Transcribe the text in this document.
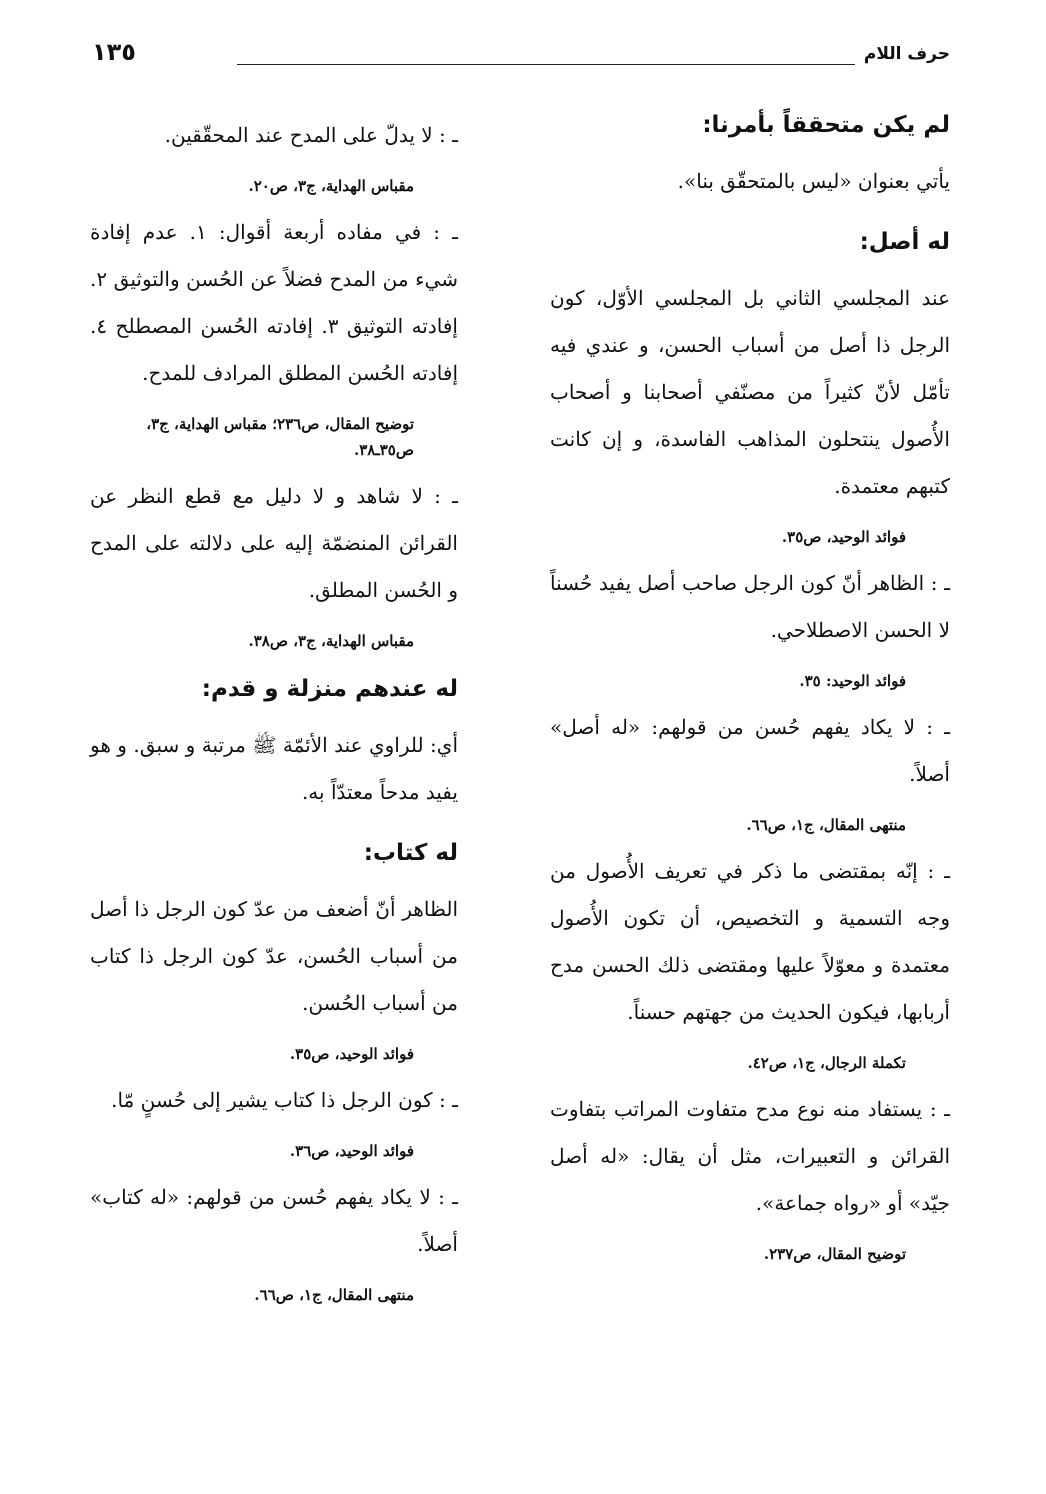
١٣٥	حرف اللام
لم يكن متحققاً بأمرنا:
يأتي بعنوان «ليس بالمتحقّق بنا».
له أصل:
عند المجلسي الثاني بل المجلسي الأوّل، كون الرجل ذا أصل من أسباب الحسن، و عندي فيه تأمّل لأنّ كثيراً من مصنّفي أصحابنا و أصحاب الأُصول ينتحلون المذاهب الفاسدة، و إن كانت كتبهم معتمدة.
فوائد الوحيد، ص٣٥.
ـ : الظاهر أنّ كون الرجل صاحب أصل يفيد حُسناً لا الحسن الاصطلاحي.
فوائد الوحيد: ٣٥.
ـ : لا يكاد يفهم حُسن من قولهم: «له أصل» أصلاً.
منتهى المقال، ج١، ص٦٦.
ـ : إنّه بمقتضى ما ذكر في تعريف الأُصول من وجه التسمية و التخصيص، أن تكون الأُصول معتمدة و معوّلاً عليها ومقتضى ذلك الحسن مدح أربابها، فيكون الحديث من جهتهم حسناً.
تكملة الرجال، ج١، ص٤٢.
ـ : يستفاد منه نوع مدح متفاوت المراتب بتفاوت القرائن و التعبيرات، مثل أن يقال: «له أصل جيّد» أو «رواه جماعة».
توضيح المقال، ص٢٣٧.
ـ : لا يدلّ على المدح عند المحقّقين.
مقباس الهداية، ج٣، ص٢٠.
ـ : في مفاده أربعة أقوال: ١. عدم إفادة شيء من المدح فضلاً عن الحُسن والتوثيق ٢. إفادته التوثيق ٣. إفادته الحُسن المصطلح ٤. إفادته الحُسن المطلق المرادف للمدح.
توضيح المقال، ص٢٣٦؛ مقباس الهداية، ج٣، ص٣٥ـ٣٨.
ـ : لا شاهد و لا دليل مع قطع النظر عن القرائن المنضمّة إليه على دلالته على المدح و الحُسن المطلق.
مقباس الهداية، ج٣، ص٣٨.
له عندهم منزلة و قدم:
أي: للراوي عند الأئمّة ﷺ مرتبة و سبق. و هو يفيد مدحاً معتدّاً به.
له كتاب:
الظاهر أنّ أضعف من عدّ كون الرجل ذا أصل من أسباب الحُسن، عدّ كون الرجل ذا كتاب من أسباب الحُسن.
فوائد الوحيد، ص٣٥.
ـ : كون الرجل ذا كتاب يشير إلى حُسنٍ مّا.
فوائد الوحيد، ص٣٦.
ـ : لا يكاد يفهم حُسن من قولهم: «له كتاب» أصلاً.
منتهى المقال، ج١، ص٦٦.
